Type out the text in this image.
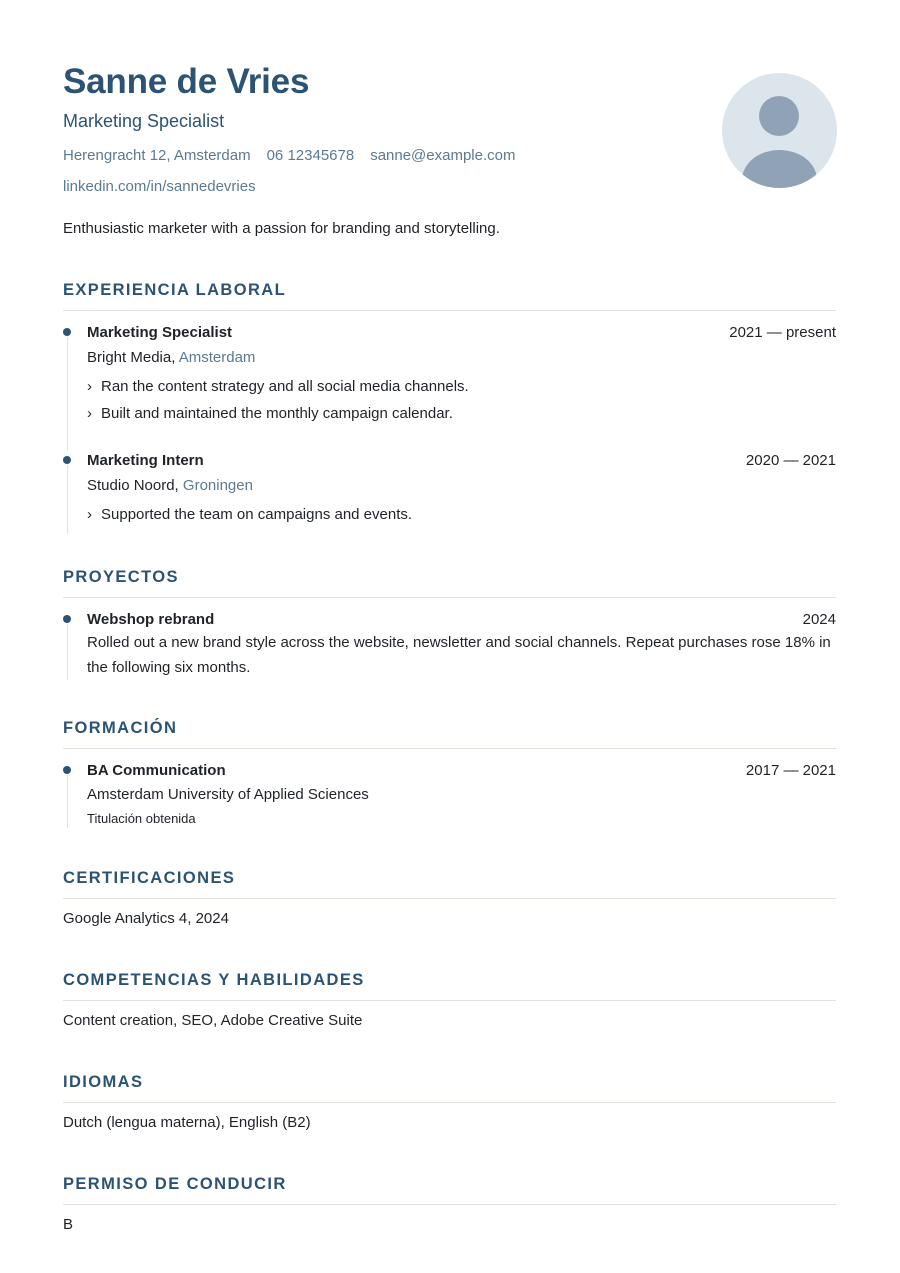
Sanne de Vries
Marketing Specialist
Herengracht 12, Amsterdam 06 12345678 sanne@example.com
linkedin.com/in/sannedevries
Enthusiastic marketer with a passion for branding and storytelling.
EXPERIENCIA LABORAL
Marketing Specialist	2021 — present
Bright Media, Amsterdam
› Ran the content strategy and all social media channels.
› Built and maintained the monthly campaign calendar.
Marketing Intern	2020 — 2021
Studio Noord, Groningen
› Supported the team on campaigns and events.
PROYECTOS
Webshop rebrand	2024
Rolled out a new brand style across the website, newsletter and social channels. Repeat purchases rose 18% in the following six months.
FORMACIÓN
BA Communication	2017 — 2021
Amsterdam University of Applied Sciences
Titulación obtenida
CERTIFICACIONES
Google Analytics 4, 2024
COMPETENCIAS Y HABILIDADES
Content creation, SEO, Adobe Creative Suite
IDIOMAS
Dutch (lengua materna), English (B2)
PERMISO DE CONDUCIR
B
